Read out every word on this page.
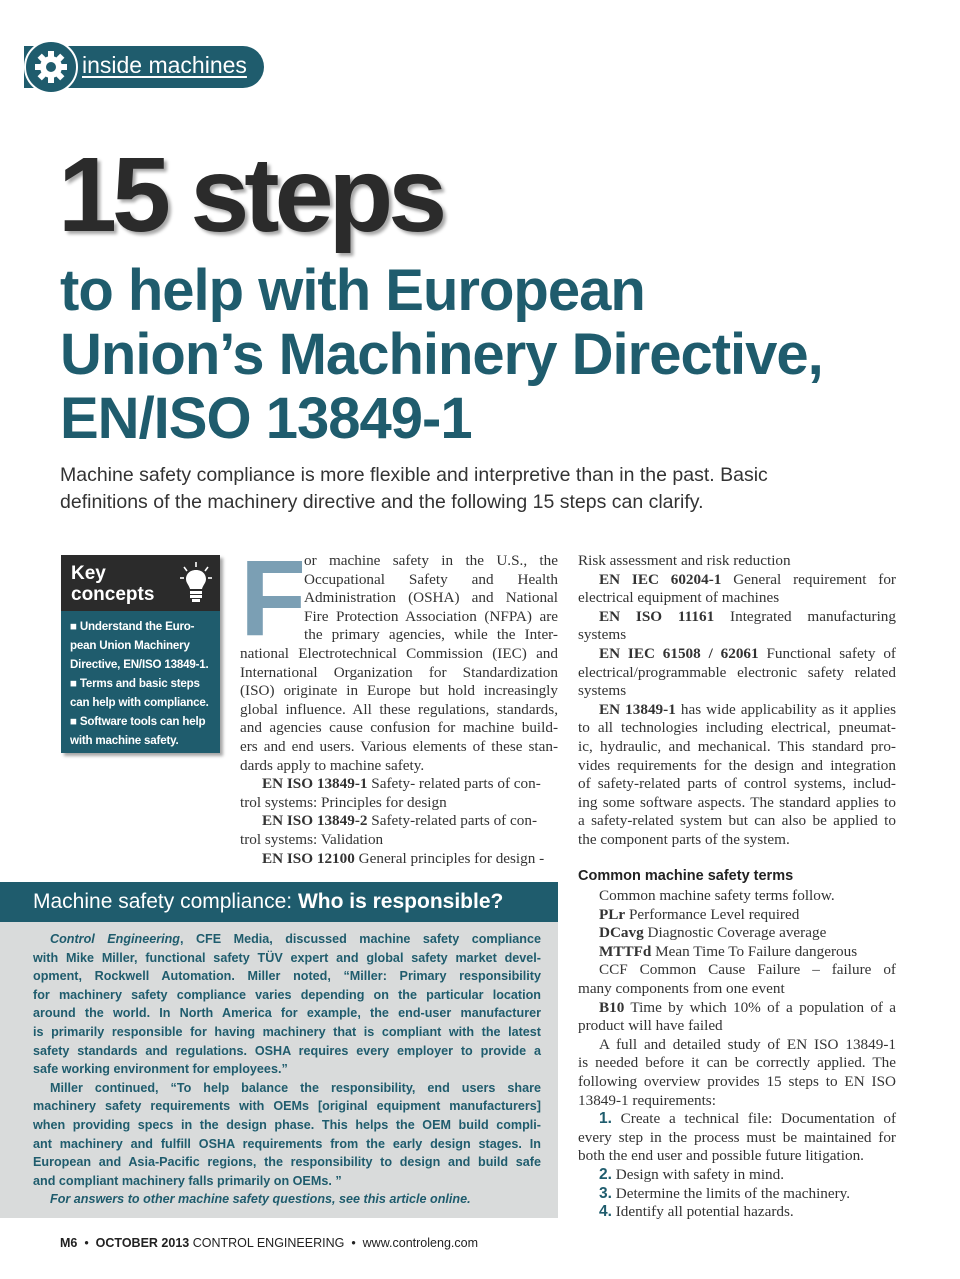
inside machines
15 steps
to help with European
Union’s Machinery Directive,
EN/ISO 13849-1
Machine safety compliance is more flexible and interpretive than in the past. Basic
definitions of the machinery directive and the following 15 steps can clarify.
Key
concepts
■ Understand the Euro-
pean Union Machinery
Directive, EN/ISO 13849-1.
■ Terms and basic steps
can help with compliance.
■ Software tools can help
with machine safety.
F
or machine safety in the U.S., the
Occupational Safety and Health
Administration (OSHA) and National
Fire Protection Association (NFPA) are
the primary agencies, while the Inter-
national Electrotechnical Commission (IEC) and
International Organization for Standardization
(ISO) originate in Europe but hold increasingly
global influence. All these regulations, standards,
and agencies cause confusion for machine build-
ers and end users. Various elements of these stan-
dards apply to machine safety.
EN ISO 13849-1 Safety- related parts of con-
trol systems: Principles for design
EN ISO 13849-2 Safety-related parts of con-
trol systems: Validation
EN ISO 12100 General principles for design -
Risk assessment and risk reduction
EN IEC 60204-1 General requirement for
electrical equipment of machines
EN ISO 11161 Integrated manufacturing
systems
EN IEC 61508 / 62061 Functional safety of
electrical/programmable electronic safety related
systems
EN 13849-1 has wide applicability as it applies
to all technologies including electrical, pneumat-
ic, hydraulic, and mechanical. This standard pro-
vides requirements for the design and integration
of safety-related parts of control systems, includ-
ing some software aspects. The standard applies to
a safety-related system but can also be applied to
the component parts of the system.
Common machine safety terms
Common machine safety terms follow.
PLr Performance Level required
DCavg Diagnostic Coverage average
MTTFd Mean Time To Failure dangerous
CCF Common Cause Failure – failure of
many components from one event
B10 Time by which 10% of a population of a
product will have failed
A full and detailed study of EN ISO 13849-1
is needed before it can be correctly applied. The
following overview provides 15 steps to EN ISO
13849-1 requirements:
1. Create a technical file: Documentation of
every step in the process must be maintained for
both the end user and possible future litigation.
2. Design with safety in mind.
3. Determine the limits of the machinery.
4. Identify all potential hazards.
Machine safety compliance: Who is responsible?
Control Engineering, CFE Media, discussed machine safety compliance
with Mike Miller, functional safety TÜV expert and global safety market devel-
opment, Rockwell Automation. Miller noted, “Miller: Primary responsibility
for machinery safety compliance varies depending on the particular location
around the world. In North America for example, the end-user manufacturer
is primarily responsible for having machinery that is compliant with the latest
safety standards and regulations. OSHA requires every employer to provide a
safe working environment for employees.”
Miller continued, “To help balance the responsibility, end users share
machinery safety requirements with OEMs [original equipment manufacturers]
when providing specs in the design phase. This helps the OEM build compli-
ant machinery and fulfill OSHA requirements from the early design stages. In
European and Asia-Pacific regions, the responsibility to design and build safe
and compliant machinery falls primarily on OEMs. ”
For answers to other machine safety questions, see this article online.
M6 • OCTOBER 2013 CONTROL ENGINEERING • www.controleng.com
